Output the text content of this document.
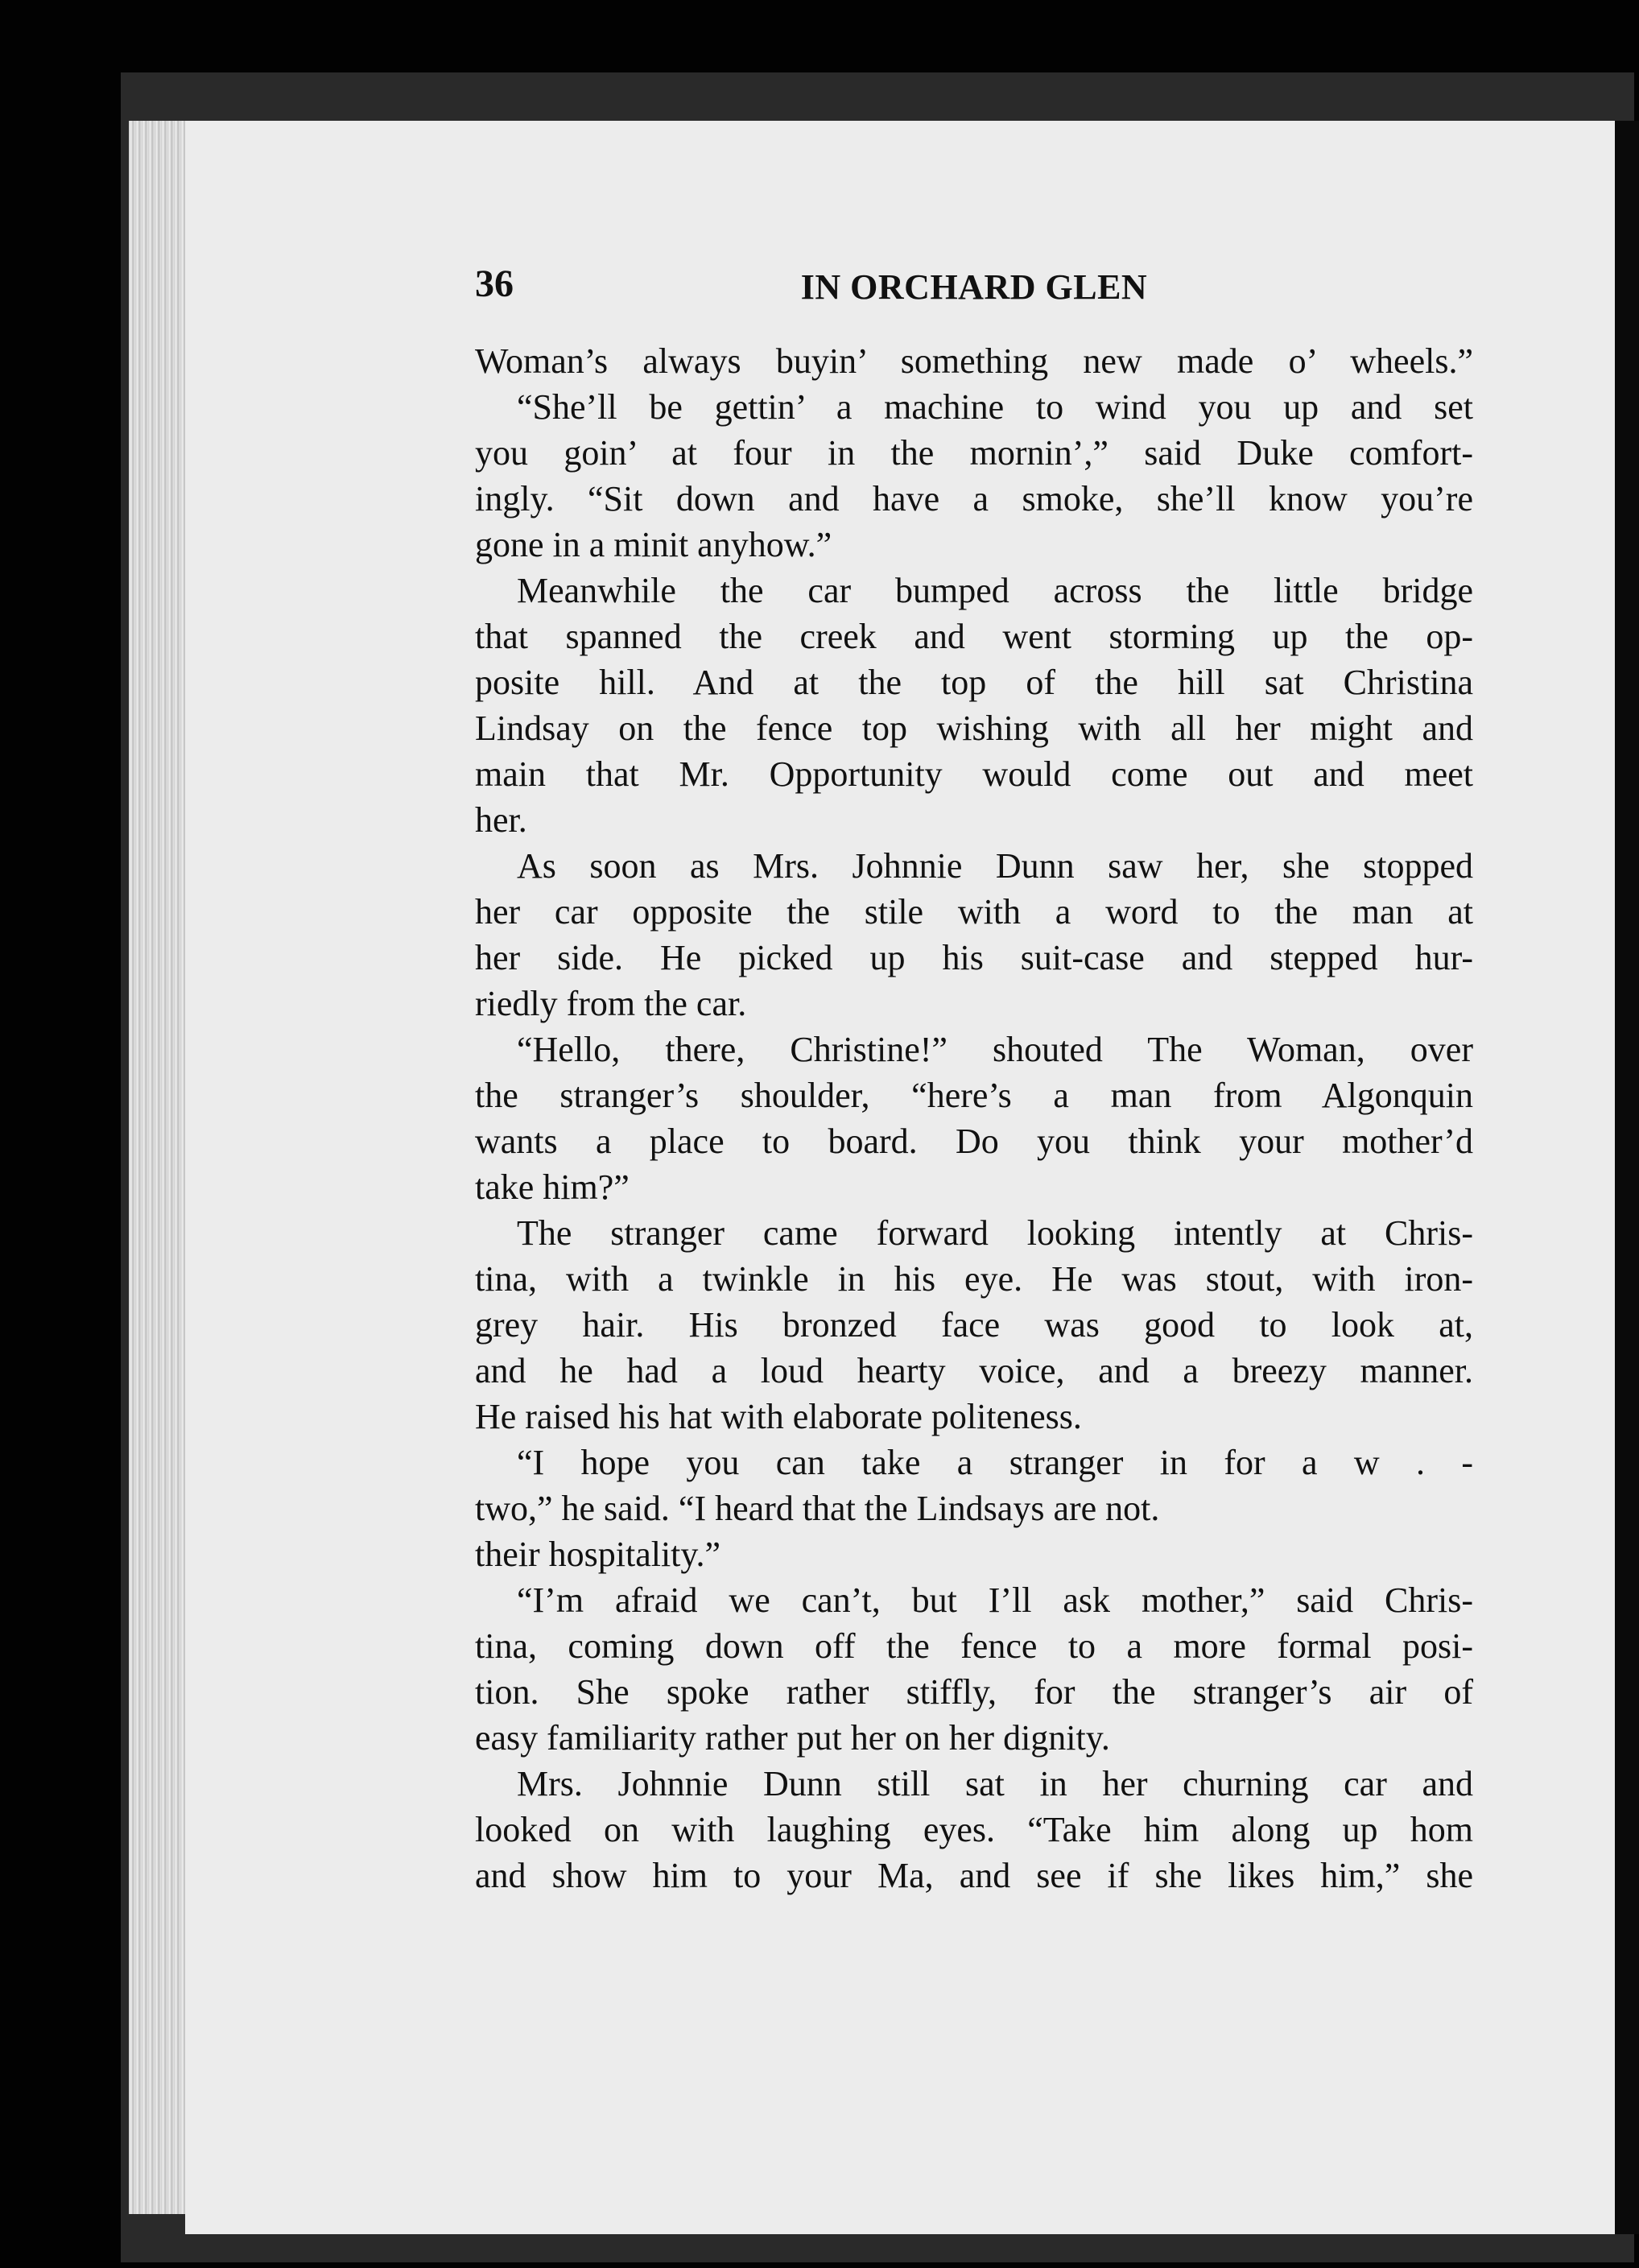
36	IN ORCHARD GLEN
Woman’s always buyin’ something new made o’ wheels.”
“She’ll be gettin’ a machine to wind you up and set
you goin’ at four in the mornin’,” said Duke comfort-
ingly. “Sit down and have a smoke, she’ll know you’re
gone in a minit anyhow.”
Meanwhile the car bumped across the little bridge
that spanned the creek and went storming up the op-
posite hill. And at the top of the hill sat Christina
Lindsay on the fence top wishing with all her might and
main that Mr. Opportunity would come out and meet
her.
As soon as Mrs. Johnnie Dunn saw her, she stopped
her car opposite the stile with a word to the man at
her side. He picked up his suit-case and stepped hur-
riedly from the car.
“Hello, there, Christine!” shouted The Woman, over
the stranger’s shoulder, “here’s a man from Algonquin
wants a place to board. Do you think your mother’d
take him?”
The stranger came forward looking intently at Chris-
tina, with a twinkle in his eye. He was stout, with iron-
grey hair. His bronzed face was good to look at,
and he had a loud hearty voice, and a breezy manner.
He raised his hat with elaborate politeness.
“I hope you can take a stranger in for a w . -
two,” he said. “I heard that the Lindsays are not.
their hospitality.”
“I’m afraid we can’t, but I’ll ask mother,” said Chris-
tina, coming down off the fence to a more formal posi-
tion. She spoke rather stiffly, for the stranger’s air of
easy familiarity rather put her on her dignity.
Mrs. Johnnie Dunn still sat in her churning car and
looked on with laughing eyes. “Take him along up hom
and show him to your Ma, and see if she likes him,” she
